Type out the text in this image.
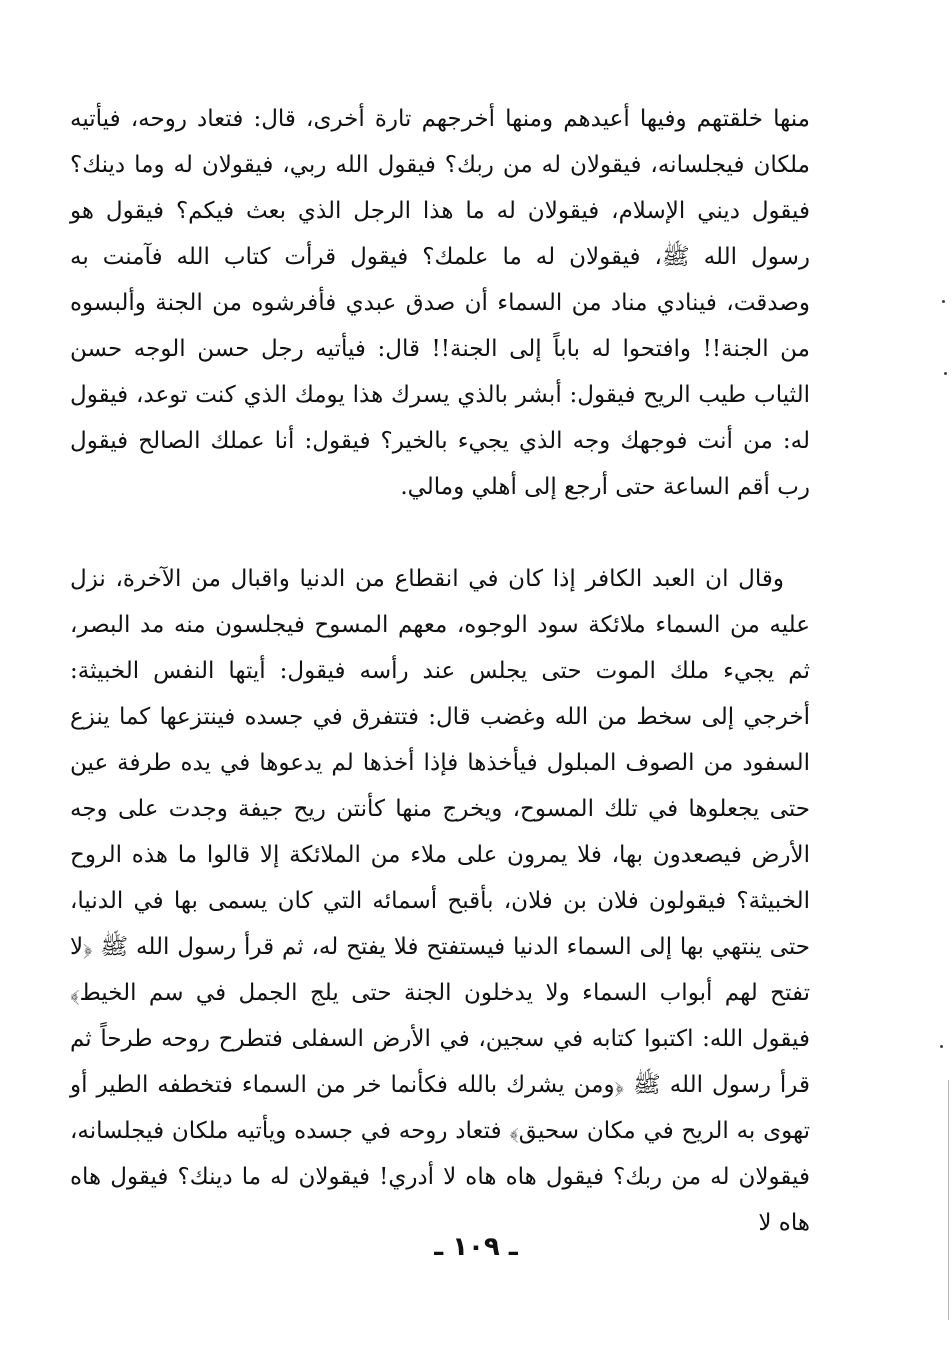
منها خلقتهم وفيها أعيدهم ومنها أخرجهم تارة أخرى، قال: فتعاد روحه، فيأتيه ملكان فيجلسانه، فيقولان له من ربك؟ فيقول الله ربي، فيقولان له وما دينك؟ فيقول ديني الإسلام، فيقولان له ما هذا الرجل الذي بعث فيكم؟ فيقول هو رسول الله ﷺ، فيقولان له ما علمك؟ فيقول قرأت كتاب الله فآمنت به وصدقت، فينادي مناد من السماء أن صدق عبدي فأفرشوه من الجنة وألبسوه من الجنة!! وافتحوا له باباً إلى الجنة!! قال: فيأتيه رجل حسن الوجه حسن الثياب طيب الريح فيقول: أبشر بالذي يسرك هذا يومك الذي كنت توعد، فيقول له: من أنت فوجهك وجه الذي يجيء بالخير؟ فيقول: أنا عملك الصالح فيقول رب أقم الساعة حتى أرجع إلى أهلي ومالي.

وقال ان العبد الكافر إذا كان في انقطاع من الدنيا واقبال من الآخرة، نزل عليه من السماء ملائكة سود الوجوه، معهم المسوح فيجلسون منه مد البصر، ثم يجيء ملك الموت حتى يجلس عند رأسه فيقول: أيتها النفس الخبيثة: أخرجي إلى سخط من الله وغضب قال: فتتفرق في جسده فينتزعها كما ينزع السفود من الصوف المبلول فيأخذها فإذا أخذها لم يدعوها في يده طرفة عين حتى يجعلوها في تلك المسوح، ويخرج منها كأنتن ريح جيفة وجدت على وجه الأرض فيصعدون بها، فلا يمرون على ملاء من الملائكة إلا قالوا ما هذه الروح الخبيثة؟ فيقولون فلان بن فلان، بأقبح أسمائه التي كان يسمى بها في الدنيا، حتى ينتهي بها إلى السماء الدنيا فيستفتح فلا يفتح له، ثم قرأ رسول الله ﷺ ﴿لا تفتح لهم أبواب السماء ولا يدخلون الجنة حتى يلج الجمل في سم الخيط﴾ فيقول الله: اكتبوا كتابه في سجين، في الأرض السفلى فتطرح روحه طرحاً ثم قرأ رسول الله ﷺ ﴿ومن يشرك بالله فكأنما خر من السماء فتخطفه الطير أو تهوى به الريح في مكان سحيق﴾ فتعاد روحه في جسده ويأتيه ملكان فيجلسانه، فيقولان له من ربك؟ فيقول هاه هاه لا أدري! فيقولان له ما دينك؟ فيقول هاه هاه لا

ـ ١٠٩ ـ
